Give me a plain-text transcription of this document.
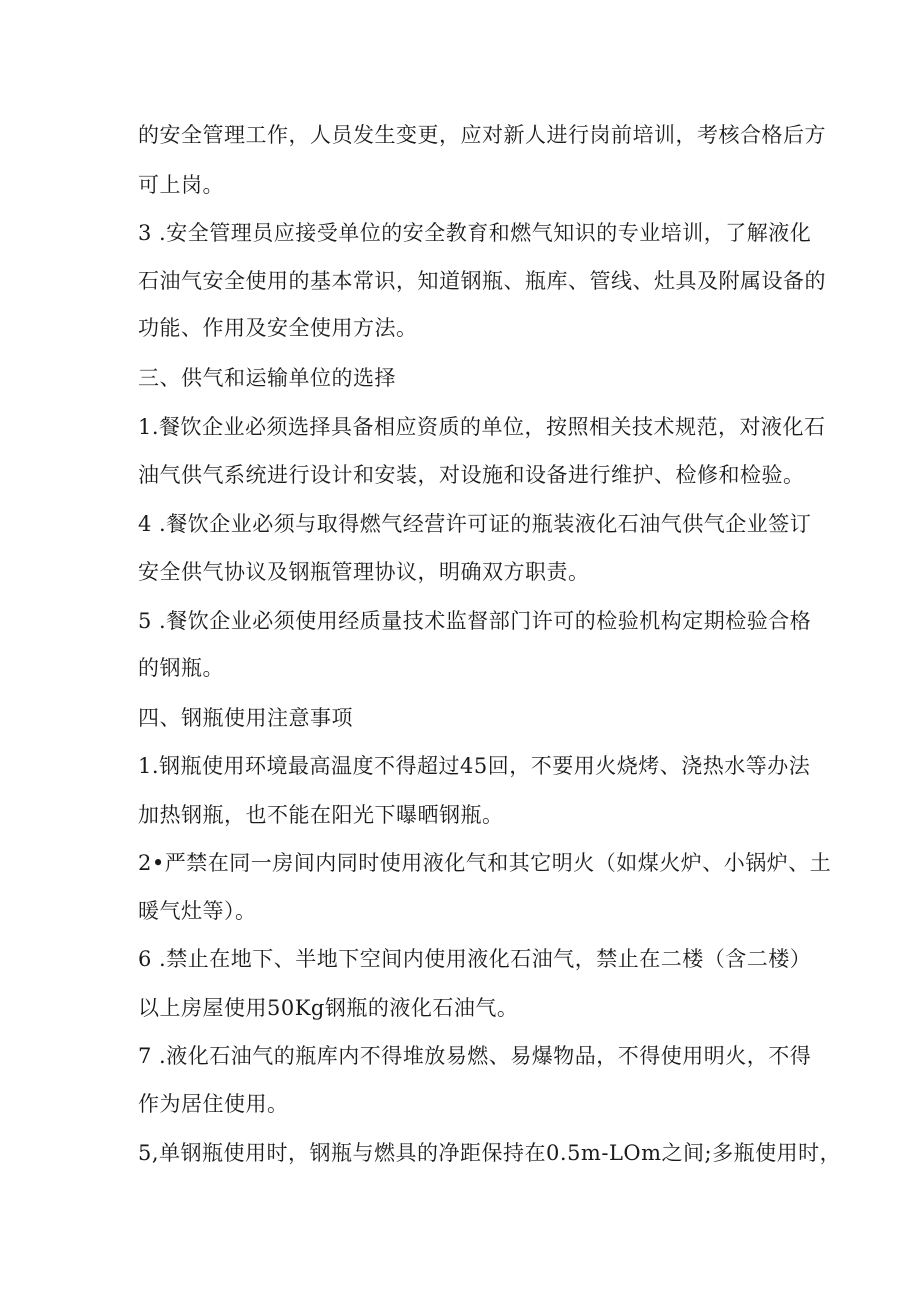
的安全管理工作，人员发生变更，应对新人进行岗前培训，考核合格后方
可上岗。
3 .安全管理员应接受单位的安全教育和燃气知识的专业培训，了解液化
石油气安全使用的基本常识，知道钢瓶、瓶库、管线、灶具及附属设备的
功能、作用及安全使用方法。
三、供气和运输单位的选择
1.餐饮企业必须选择具备相应资质的单位，按照相关技术规范，对液化石
油气供气系统进行设计和安装，对设施和设备进行维护、检修和检验。
4 .餐饮企业必须与取得燃气经营许可证的瓶装液化石油气供气企业签订
安全供气协议及钢瓶管理协议，明确双方职责。
5 .餐饮企业必须使用经质量技术监督部门许可的检验机构定期检验合格
的钢瓶。
四、钢瓶使用注意事项
1.钢瓶使用环境最高温度不得超过45回，不要用火烧烤、浇热水等办法
加热钢瓶，也不能在阳光下曝晒钢瓶。
2•严禁在同一房间内同时使用液化气和其它明火（如煤火炉、小锅炉、土
暖气灶等）。
6 .禁止在地下、半地下空间内使用液化石油气，禁止在二楼（含二楼）
以上房屋使用50Kg钢瓶的液化石油气。
7 .液化石油气的瓶库内不得堆放易燃、易爆物品，不得使用明火，不得
作为居住使用。
5,单钢瓶使用时，钢瓶与燃具的净距保持在0.5m-LOm之间;多瓶使用时，
